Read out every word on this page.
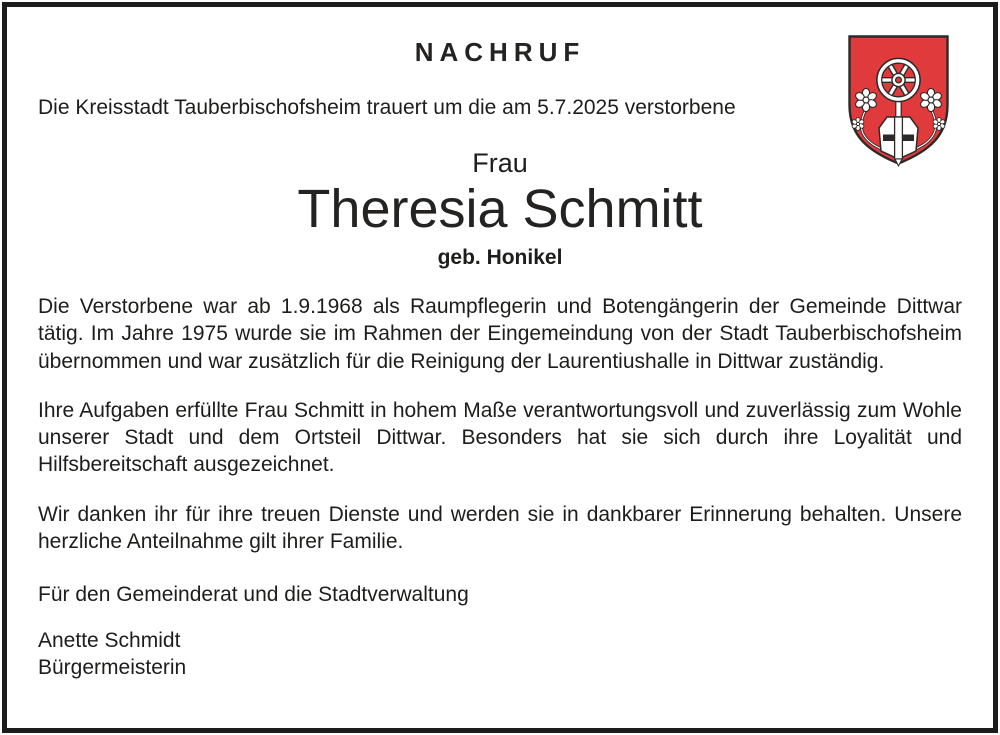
NACHRUF

Die Kreisstadt Tauberbischofsheim trauert um die am 5.7.2025 verstorbene

Frau

Theresia Schmitt

geb. Honikel

Die Verstorbene war ab 1.9.1968 als Raumpflegerin und Botengängerin der Gemeinde Dittwar tätig. Im Jahre 1975 wurde sie im Rahmen der Eingemeindung von der Stadt Tauberbischofsheim übernommen und war zusätzlich für die Reinigung der Laurentiushalle in Dittwar zuständig.

Ihre Aufgaben erfüllte Frau Schmitt in hohem Maße verantwortungsvoll und zuverlässig zum Wohle unserer Stadt und dem Ortsteil Dittwar. Besonders hat sie sich durch ihre Loyalität und Hilfsbereitschaft ausgezeichnet.

Wir danken ihr für ihre treuen Dienste und werden sie in dankbarer Erinnerung behalten. Unsere herzliche Anteilnahme gilt ihrer Familie.

Für den Gemeinderat und die Stadtverwaltung

Anette Schmidt

Bürgermeisterin
